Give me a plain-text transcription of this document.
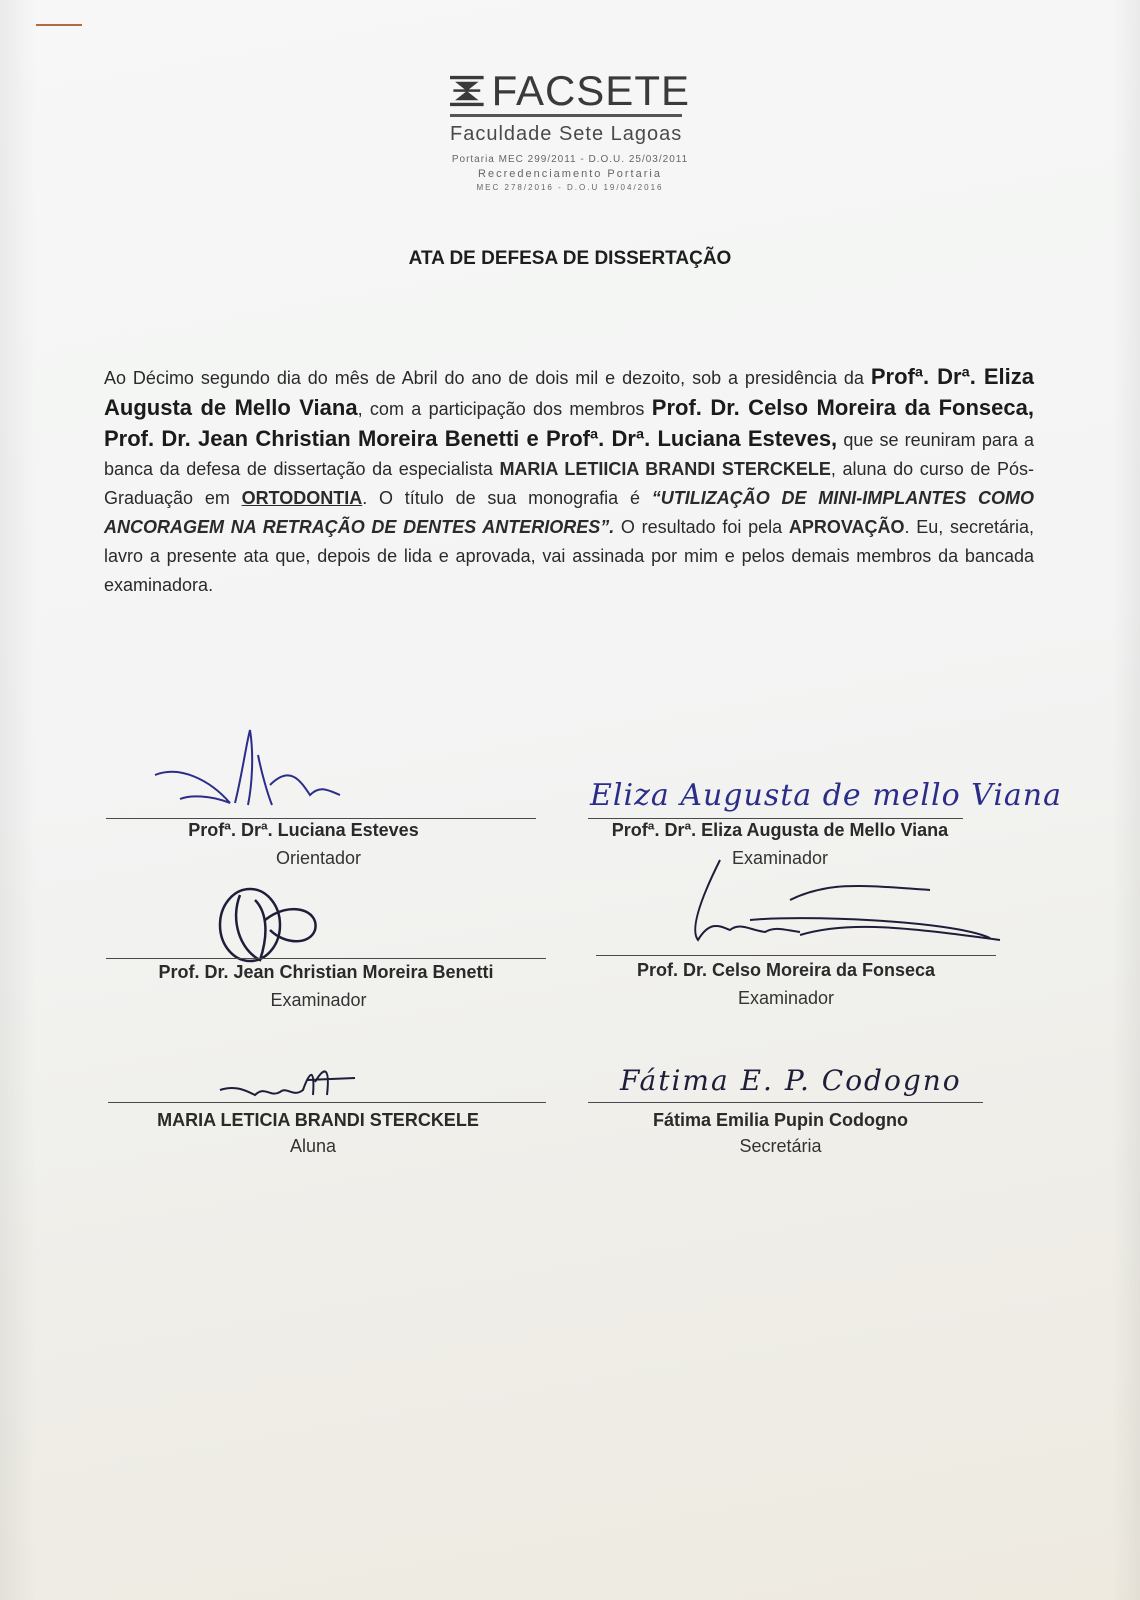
FACSETE
Faculdade Sete Lagoas
Portaria MEC 299/2011 - D.O.U. 25/03/2011
Recredenciamento Portaria
MEC 278/2016 - D.O.U 19/04/2016
ATA DE DEFESA DE DISSERTAÇÃO

Ao Décimo segundo dia do mês de Abril do ano de dois mil e dezoito, sob a presidência da Profª. Drª. Eliza Augusta de Mello Viana, com a participação dos membros Prof. Dr. Celso Moreira da Fonseca, Prof. Dr. Jean Christian Moreira Benetti e Profª. Drª. Luciana Esteves, que se reuniram para a banca da defesa de dissertação da especialista MARIA LETIICIA BRANDI STERCKELE, aluna do curso de Pós-Graduação em ORTODONTIA. O título de sua monografia é “UTILIZAÇÃO DE MINI-IMPLANTES COMO ANCORAGEM NA RETRAÇÃO DE DENTES ANTERIORES”. O resultado foi pela APROVAÇÃO. Eu, secretária, lavro a presente ata que, depois de lida e aprovada, vai assinada por mim e pelos demais membros da bancada examinadora.

Profª. Drª. Luciana Esteves
Orientador
Eliza Augusta de mello Viana
Profª. Drª. Eliza Augusta de Mello Viana
Examinador
Prof. Dr. Jean Christian Moreira Benetti
Examinador
Prof. Dr. Celso Moreira da Fonseca
Examinador
MARIA LETICIA BRANDI STERCKELE
Aluna
Fátima E. P. Codogno
Fátima Emilia Pupin Codogno
Secretária
